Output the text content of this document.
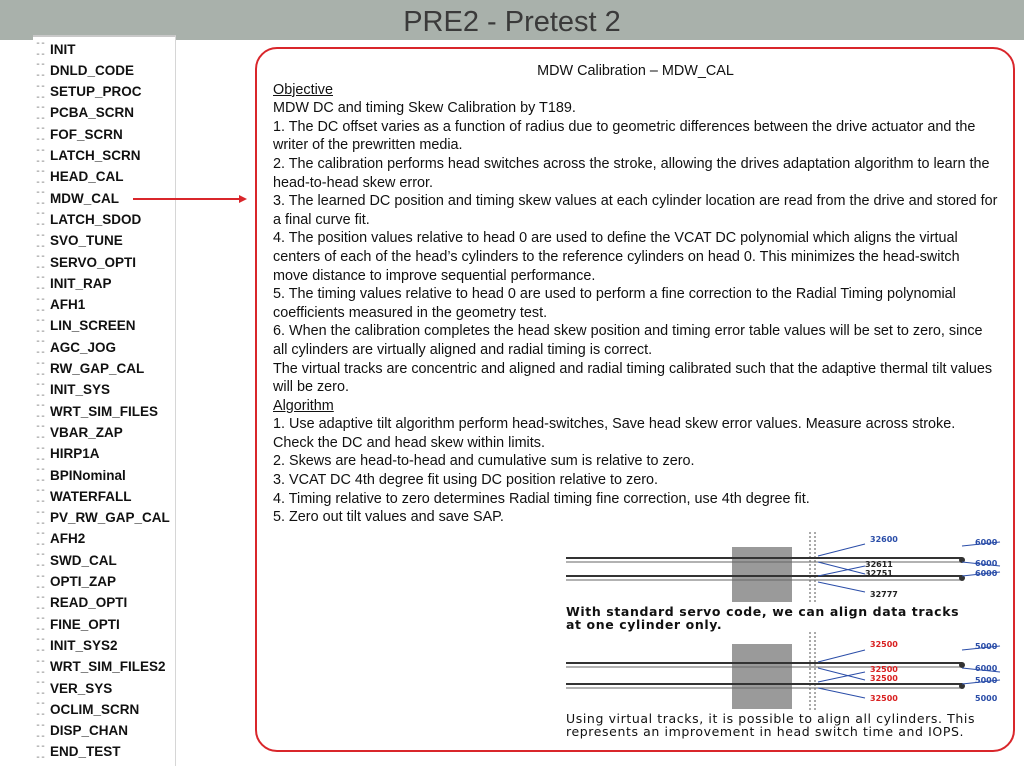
PRE2 - Pretest 2
---- INIT
---- DNLD_CODE
---- SETUP_PROC
---- PCBA_SCRN
---- FOF_SCRN
---- LATCH_SCRN
---- HEAD_CAL
---- MDW_CAL
---- LATCH_SDOD
---- SVO_TUNE
---- SERVO_OPTI
---- INIT_RAP
---- AFH1
---- LIN_SCREEN
---- AGC_JOG
---- RW_GAP_CAL
---- INIT_SYS
---- WRT_SIM_FILES
---- VBAR_ZAP
---- HIRP1A
---- BPINominal
---- WATERFALL
---- PV_RW_GAP_CAL
---- AFH2
---- SWD_CAL
---- OPTI_ZAP
---- READ_OPTI
---- FINE_OPTI
---- INIT_SYS2
---- WRT_SIM_FILES2
---- VER_SYS
---- OCLIM_SCRN
---- DISP_CHAN
---- END_TEST

MDW Calibration – MDW_CAL

Objective

MDW DC and timing Skew Calibration by T189.

1. The DC offset varies as a function of radius due to geometric differences between the drive actuator and the writer of the prewritten media.

2. The calibration performs head switches across the stroke, allowing the drives adaptation algorithm to learn the head-to-head skew error.

3. The learned DC position and timing skew values at each cylinder location are read from the drive and stored for a final curve fit.

4. The position values relative to head 0 are used to define the VCAT DC polynomial which aligns the virtual centers of each of the head’s cylinders to the reference cylinders on head 0. This minimizes the head-switch move distance to improve sequential performance.

5. The timing values relative to head 0 are used to perform a fine correction to the Radial Timing polynomial coefficients measured in the geometry test.

6. When the calibration completes the head skew position and timing error table values will be set to zero, since all cylinders are virtually aligned and radial timing is correct.

The virtual tracks are concentric and aligned and radial timing calibrated such that the adaptive thermal tilt values will be zero.

Algorithm

1. Use adaptive tilt algorithm perform head-switches, Save head skew error values. Measure across stroke.

Check the DC and head skew within limits.

2. Skews are head-to-head and cumulative sum is relative to zero.

3. VCAT DC 4th degree fit using DC position relative to zero.

4. Timing relative to zero determines Radial timing fine correction, use 4th degree fit.

5. Zero out tilt values and save SAP.

32600
32611
32751
32777
6000
6000
6000
With standard servo code, we can align data tracks
at one cylinder only.
32500
32500
32500
32500
5000
6000
5000
5000
Using virtual tracks, it is possible to align all cylinders. This
represents an improvement in head switch time and IOPS.
